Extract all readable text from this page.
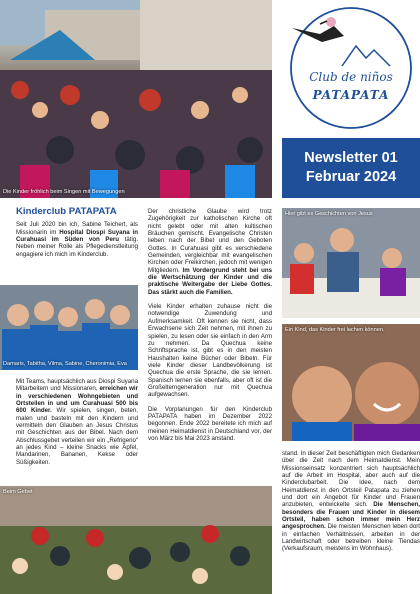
Die Kinder fröhlich beim Singen mit Bewegungen
Club de niños
PATAPATA
Newsletter 01
Februar 2024
Kinderclub PATAPATA

Seit Juli 2020 bin ich, Sabine Teichert, als Missionarin im Hospital Diospi Suyana in Curahuasi im Süden von Peru tätig. Neben meiner Rolle als Pflegedienstleitung engagiere ich mich im Kinderclub.

Damaris, Tabitha, Vilma, Sabine, Cheronimia, Eva

Mit Teams, hauptsächlich aus Diospi Suyana Mitarbeitern und Missionaren, erreichen wir in verschiedenen Wohngebieten und Ortsteilen in und um Curahuasi 500 bis 600 Kinder. Wir spielen, singen, beten, malen und basteln mit den Kindern und vermitteln den Glauben an Jesus Christus mit Geschichten aus der Bibel. Nach dem Abschlussgebet verteilen wir ein „Refrigerio“ an jedes Kind – kleine Snacks wie Äpfel, Mandarinen, Bananen, Kekse oder Süßigkeiten.

Beim Gebet

Der christliche Glaube wird trotz Zugehörigkeit zur katholischen Kirche oft nicht gelebt oder mit alten kultischen Bräuchen gemischt. Evangelische Christen lieben nach der Bibel und den Geboten Gottes. In Curahuasi gibt es verschiedene Gemeinden, vergleichbar mit evangelischen Kirchen oder Freikirchen, jedoch mit wenigen Mitgliedern. Im Vordergrund steht bei uns die Wertschätzung der Kinder und die praktische Weitergabe der Liebe Gottes. Das stärkt auch die Familien.

Viele Kinder erhalten zuhause nicht die notwendige Zuwendung und Aufmerksamkeit. Oft kennen sie nicht, dass Erwachsene sich Zeit nehmen, mit ihnen zu spielen, zu lesen oder sie einfach in den Arm zu nehmen. Da Quechua keine Schriftsprache ist, gibt es in den meisten Haushalten keine Bücher oder Bibeln. Für viele Kinder dieser Landbevölkerung ist Quechua die erste Sprache, die sie lernen. Spanisch lernen sie ebenfalls, aber oft ist die Großelterngeneration nur mit Quechua aufgewachsen.

Die Vorplanungen für den Kinderclub PATAPATA haben im Dezember 2022 begonnen. Ende 2022 bereitete ich mich auf meinen Heimatdienst in Deutschland vor, der von März bis Mai 2023 anstand.

Hier gibt es Geschichten von Jesus
Ein Kind, das Kinder frei lachen können.

stand. In dieser Zeit beschäftigten mich Gedanken über die Zeit nach dem Heimatdienst. Mein Missionseinsatz konzentriert sich hauptsächlich auf die Arbeit im Hospital, aber auch auf die Kinderclubarbeit. Die Idee, nach dem Heimatdienst in den Ortsteil Patapata zu ziehen und dort ein Angebot für Kinder und Frauen anzubieten, entwickelte sich. Die Menschen, besonders die Frauen und Kinder in diesem Ortsteil, haben schon immer mein Herz angesprochen. Die meisten Menschen leben dort in einfachen Verhältnissen, arbeiten in der Landwirtschaft oder betreiben kleine Tiendas (Verkaufsraum, meistens im Wohnhaus).
